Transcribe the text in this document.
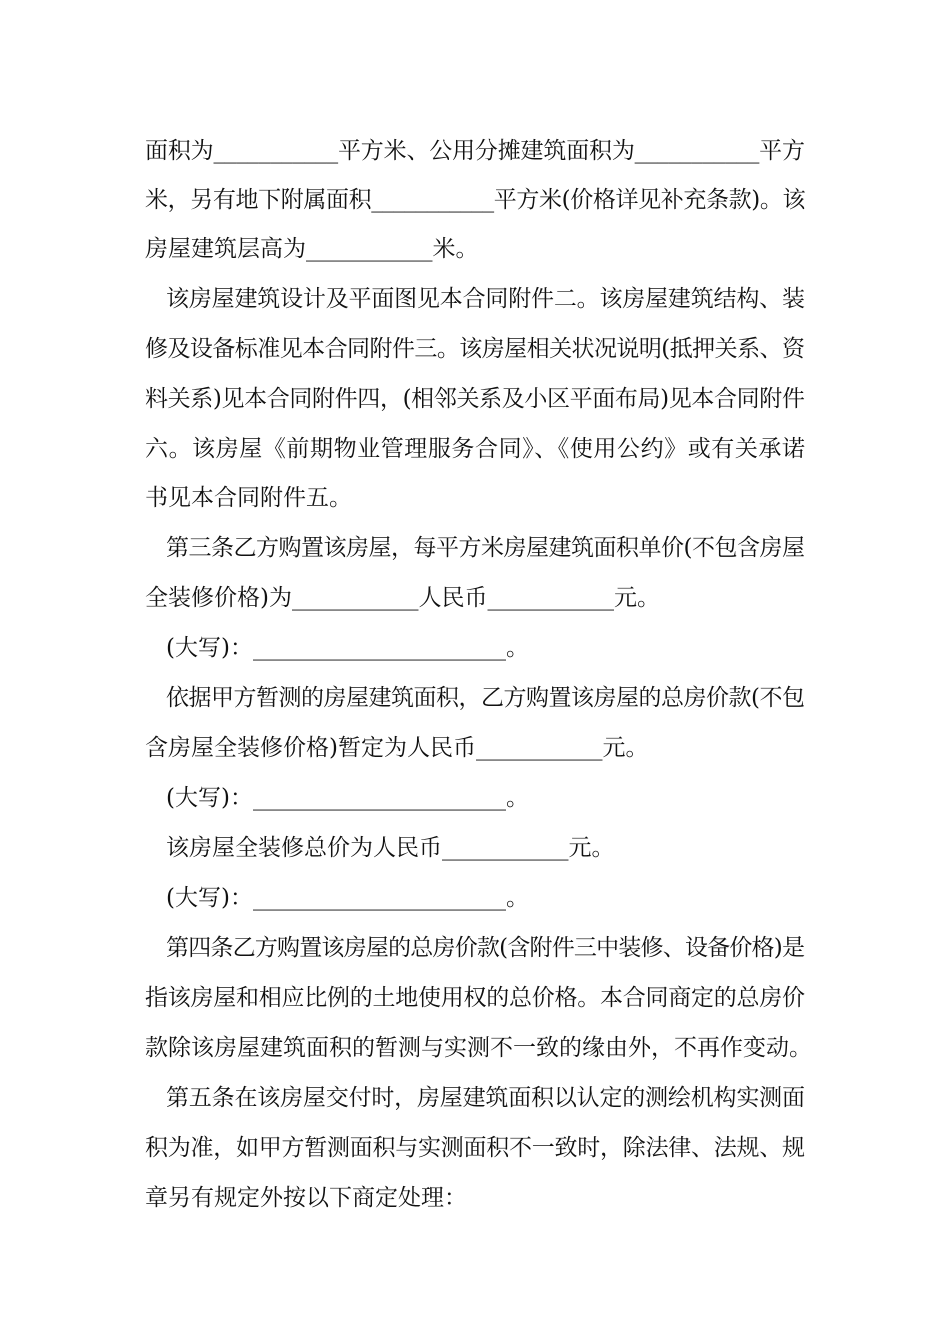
面积为___________平方米、公用分摊建筑面积为___________平方
米，另有地下附属面积___________平方米(价格详见补充条款)。该
房屋建筑层高为___________米。
该房屋建筑设计及平面图见本合同附件二。该房屋建筑结构、装
修及设备标准见本合同附件三。该房屋相关状况说明(抵押关系、资
料关系)见本合同附件四，(相邻关系及小区平面布局)见本合同附件
六。该房屋《前期物业管理服务合同》、《使用公约》或有关承诺
书见本合同附件五。
第三条乙方购置该房屋，每平方米房屋建筑面积单价(不包含房屋
全装修价格)为___________人民币___________元。
(大写)：______________________。
依据甲方暂测的房屋建筑面积，乙方购置该房屋的总房价款(不包
含房屋全装修价格)暂定为人民币___________元。
(大写)：______________________。
该房屋全装修总价为人民币___________元。
(大写)：______________________。
第四条乙方购置该房屋的总房价款(含附件三中装修、设备价格)是
指该房屋和相应比例的土地使用权的总价格。本合同商定的总房价
款除该房屋建筑面积的暂测与实测不一致的缘由外，不再作变动。
第五条在该房屋交付时，房屋建筑面积以认定的测绘机构实测面
积为准，如甲方暂测面积与实测面积不一致时，除法律、法规、规
章另有规定外按以下商定处理：
